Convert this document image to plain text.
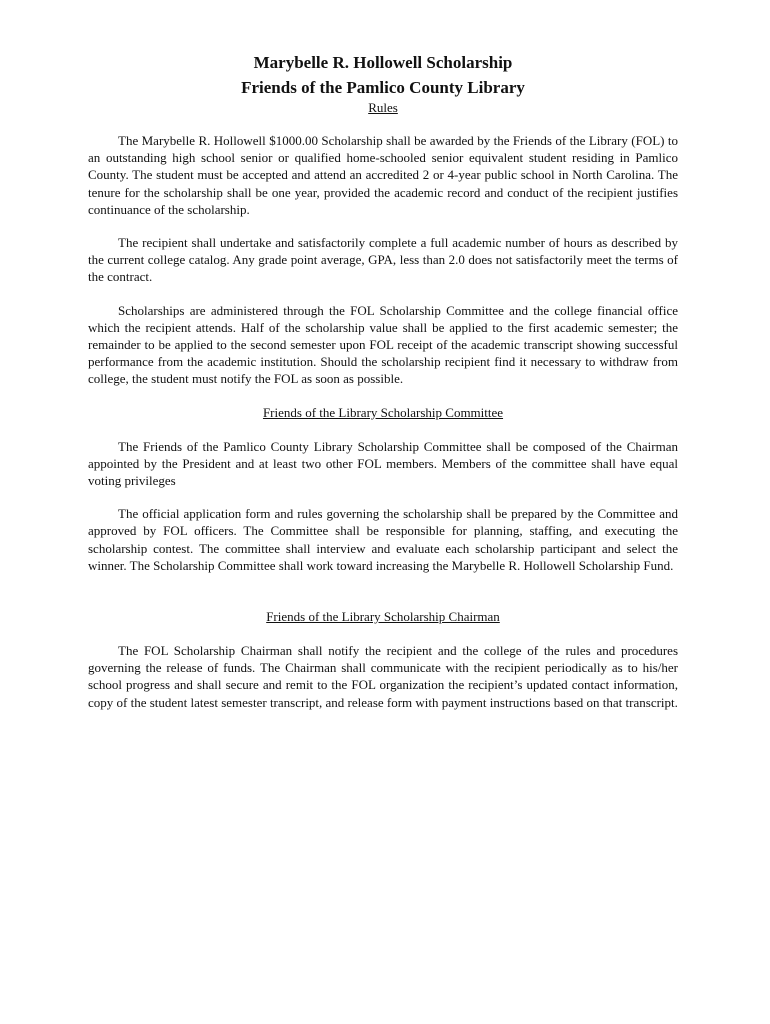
Marybelle R. Hollowell Scholarship

Friends of the Pamlico County Library

Rules

The Marybelle R. Hollowell $1000.00 Scholarship shall be awarded by the Friends of the Library (FOL) to an outstanding high school senior or qualified home-schooled senior equivalent student residing in Pamlico County. The student must be accepted and attend an accredited 2 or 4-year public school in North Carolina. The tenure for the scholarship shall be one year, provided the academic record and conduct of the recipient justifies continuance of the scholarship.

The recipient shall undertake and satisfactorily complete a full academic number of hours as described by the current college catalog. Any grade point average, GPA, less than 2.0 does not satisfactorily meet the terms of the contract.

Scholarships are administered through the FOL Scholarship Committee and the college financial office which the recipient attends. Half of the scholarship value shall be applied to the first academic semester; the remainder to be applied to the second semester upon FOL receipt of the academic transcript showing successful performance from the academic institution. Should the scholarship recipient find it necessary to withdraw from college, the student must notify the FOL as soon as possible.

Friends of the Library Scholarship Committee

The Friends of the Pamlico County Library Scholarship Committee shall be composed of the Chairman appointed by the President and at least two other FOL members. Members of the committee shall have equal voting privileges

The official application form and rules governing the scholarship shall be prepared by the Committee and approved by FOL officers. The Committee shall be responsible for planning, staffing, and executing the scholarship contest. The committee shall interview and evaluate each scholarship participant and select the winner. The Scholarship Committee shall work toward increasing the Marybelle R. Hollowell Scholarship Fund.

Friends of the Library Scholarship Chairman

The FOL Scholarship Chairman shall notify the recipient and the college of the rules and procedures governing the release of funds. The Chairman shall communicate with the recipient periodically as to his/her school progress and shall secure and remit to the FOL organization the recipient’s updated contact information, copy of the student latest semester transcript, and release form with payment instructions based on that transcript.
